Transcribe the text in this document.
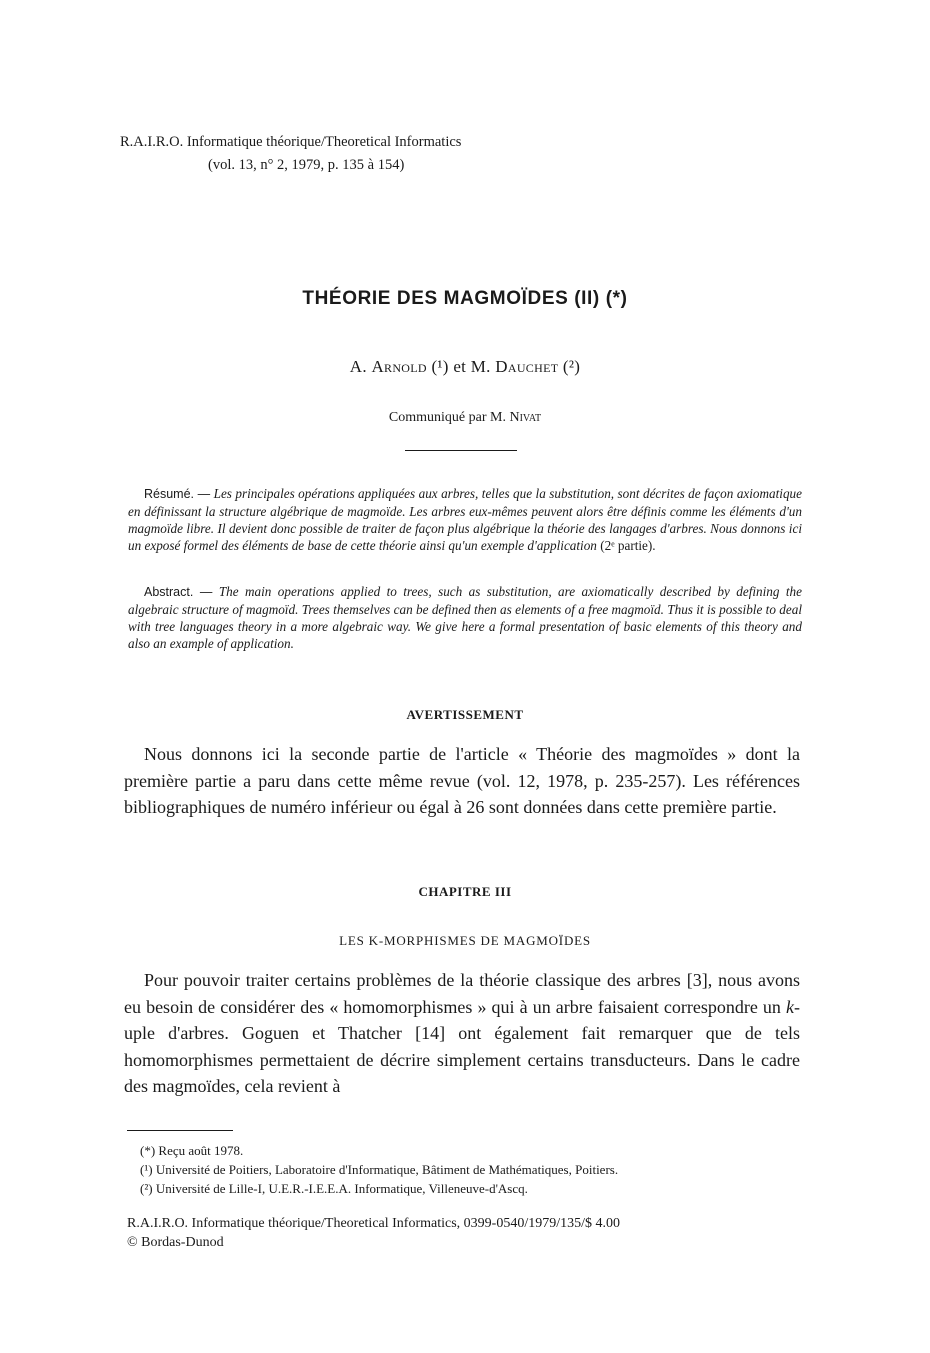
R.A.I.R.O. Informatique théorique/Theoretical Informatics
(vol. 13, n° 2, 1979, p. 135 à 154)
THÉORIE DES MAGMOÏDES (II) (*)
A. Arnold (¹) et M. Dauchet (²)
Communiqué par M. Nivat
Résumé. — Les principales opérations appliquées aux arbres, telles que la substitution, sont décrites de façon axiomatique en définissant la structure algébrique de magmoïde. Les arbres eux-mêmes peuvent alors être définis comme les éléments d'un magmoïde libre. Il devient donc possible de traiter de façon plus algébrique la théorie des langages d'arbres. Nous donnons ici un exposé formel des éléments de base de cette théorie ainsi qu'un exemple d'application (2ᵉ partie).
Abstract. — The main operations applied to trees, such as substitution, are axiomatically described by defining the algebraic structure of magmoïd. Trees themselves can be defined then as elements of a free magmoïd. Thus it is possible to deal with tree languages theory in a more algebraic way. We give here a formal presentation of basic elements of this theory and also an example of application.
AVERTISSEMENT
Nous donnons ici la seconde partie de l'article « Théorie des magmoïdes » dont la première partie a paru dans cette même revue (vol. 12, 1978, p. 235-257). Les références bibliographiques de numéro inférieur ou égal à 26 sont données dans cette première partie.
CHAPITRE III
LES K-MORPHISMES DE MAGMOÏDES
Pour pouvoir traiter certains problèmes de la théorie classique des arbres [3], nous avons eu besoin de considérer des « homomorphismes » qui à un arbre faisaient correspondre un k-uple d'arbres. Goguen et Thatcher [14] ont également fait remarquer que de tels homomorphismes permettaient de décrire simplement certains transducteurs. Dans le cadre des magmoïdes, cela revient à
(*) Reçu août 1978.
(¹) Université de Poitiers, Laboratoire d'Informatique, Bâtiment de Mathématiques, Poitiers.
(²) Université de Lille-I, U.E.R.-I.E.E.A. Informatique, Villeneuve-d'Ascq.
R.A.I.R.O. Informatique théorique/Theoretical Informatics, 0399-0540/1979/135/$ 4.00
© Bordas-Dunod
